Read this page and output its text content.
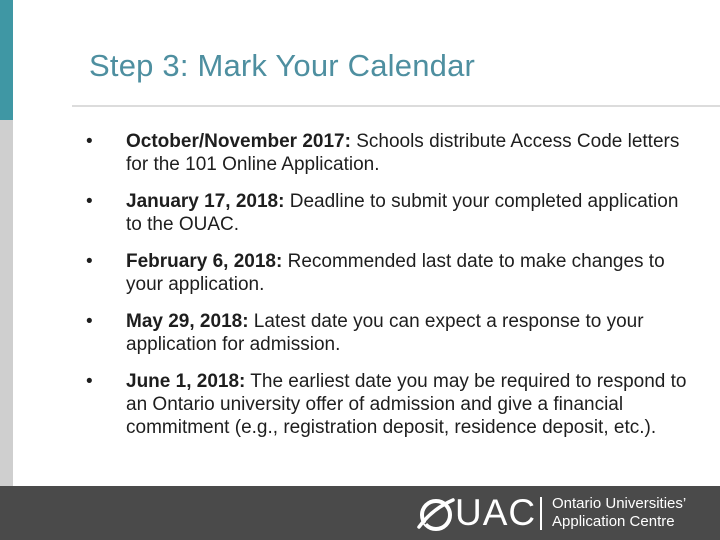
Step 3: Mark Your Calendar
•	October/November 2017: Schools distribute Access Code letters for the 101 Online Application.
•	January 17, 2018: Deadline to submit your completed application to the OUAC.
•	February 6, 2018: Recommended last date to make changes to your application.
•	May 29, 2018: Latest date you can expect a response to your application for admission.
•	June 1, 2018: The earliest date you may be required to respond to an Ontario university offer of admission and give a financial commitment (e.g., registration deposit, residence deposit, etc.).
UAC Ontario Universities’
Application Centre
